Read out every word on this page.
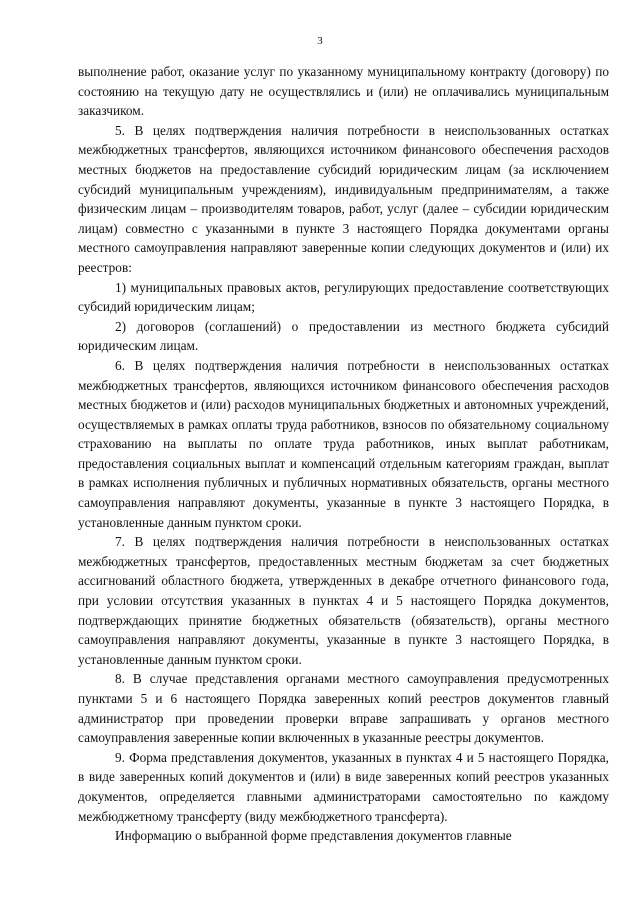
3

выполнение работ, оказание услуг по указанному муниципальному контракту (договору) по состоянию на текущую дату не осуществлялись и (или) не оплачивались муниципальным заказчиком.

5. В целях подтверждения наличия потребности в неиспользованных остатках межбюджетных трансфертов, являющихся источником финансового обеспечения расходов местных бюджетов на предоставление субсидий юридическим лицам (за исключением субсидий муниципальным учреждениям), индивидуальным предпринимателям, а также физическим лицам – производителям товаров, работ, услуг (далее – субсидии юридическим лицам) совместно с указанными в пункте 3 настоящего Порядка документами органы местного самоуправления направляют заверенные копии следующих документов и (или) их реестров:

1) муниципальных правовых актов, регулирующих предоставление соответствующих субсидий юридическим лицам;

2) договоров (соглашений) о предоставлении из местного бюджета субсидий юридическим лицам.

6. В целях подтверждения наличия потребности в неиспользованных остатках межбюджетных трансфертов, являющихся источником финансового обеспечения расходов местных бюджетов и (или) расходов муниципальных бюджетных и автономных учреждений, осуществляемых в рамках оплаты труда работников, взносов по обязательному социальному страхованию на выплаты по оплате труда работников, иных выплат работникам, предоставления социальных выплат и компенсаций отдельным категориям граждан, выплат в рамках исполнения публичных и публичных нормативных обязательств, органы местного самоуправления направляют документы, указанные в пункте 3 настоящего Порядка, в установленные данным пунктом сроки.

7. В целях подтверждения наличия потребности в неиспользованных остатках межбюджетных трансфертов, предоставленных местным бюджетам за счет бюджетных ассигнований областного бюджета, утвержденных в декабре отчетного финансового года, при условии отсутствия указанных в пунктах 4 и 5 настоящего Порядка документов, подтверждающих принятие бюджетных обязательств (обязательств), органы местного самоуправления направляют документы, указанные в пункте 3 настоящего Порядка, в установленные данным пунктом сроки.

8. В случае представления органами местного самоуправления предусмотренных пунктами 5 и 6 настоящего Порядка заверенных копий реестров документов главный администратор при проведении проверки вправе запрашивать у органов местного самоуправления заверенные копии включенных в указанные реестры документов.

9. Форма представления документов, указанных в пунктах 4 и 5 настоящего Порядка, в виде заверенных копий документов и (или) в виде заверенных копий реестров указанных документов, определяется главными администраторами самостоятельно по каждому межбюджетному трансферту (виду межбюджетного трансферта).

Информацию о выбранной форме представления документов главные
